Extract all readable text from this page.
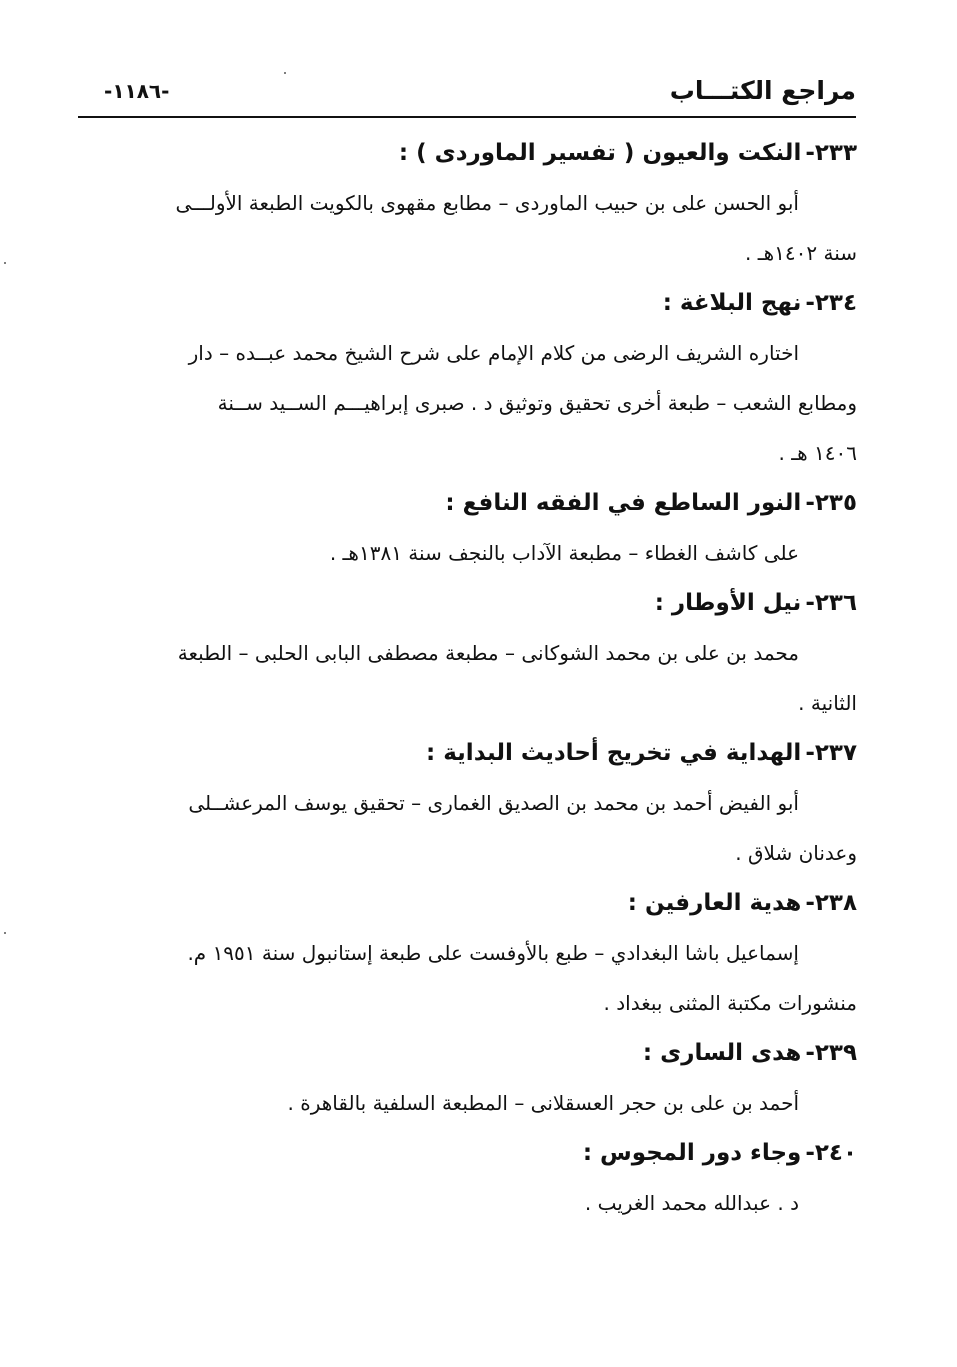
مراجع الكتـــاب
-١١٨٦-
٢٣٣-النكت والعيون ( تفسير الماوردى ) :
أبو الحسن على بن حبيب الماوردى – مطابع مقهوى بالكويت الطبعة الأولـــى
سنة ١٤٠٢هـ .
٢٣٤-نهج البلاغة :
اختاره الشريف الرضى من كلام الإمام على شرح الشيخ محمد عبــده – دار
ومطابع الشعب – طبعة أخرى تحقيق وتوثيق د . صبرى إبراهيـــم الســيد ســنة
١٤٠٦ هـ .
٢٣٥-النور الساطع في الفقه النافع :
على كاشف الغطاء – مطبعة الآداب بالنجف سنة ١٣٨١هـ .
٢٣٦-نيل الأوطار :
محمد بن على بن محمد الشوكانى – مطبعة مصطفى البابى الحلبى – الطبعة
الثانية .
٢٣٧-الهداية في تخريج أحاديث البداية :
أبو الفيض أحمد بن محمد بن الصديق الغمارى – تحقيق يوسف المرعشــلى
وعدنان شلاق .
٢٣٨-هدية العارفين :
إسماعيل باشا البغدادي – طبع بالأوفست على طبعة إستانبول سنة ١٩٥١ م.
منشورات مكتبة المثنى ببغداد .
٢٣٩-هدى السارى :
أحمد بن على بن حجر العسقلانى – المطبعة السلفية بالقاهرة .
٢٤٠-وجاء دور المجوس :
د . عبدالله محمد الغريب .
